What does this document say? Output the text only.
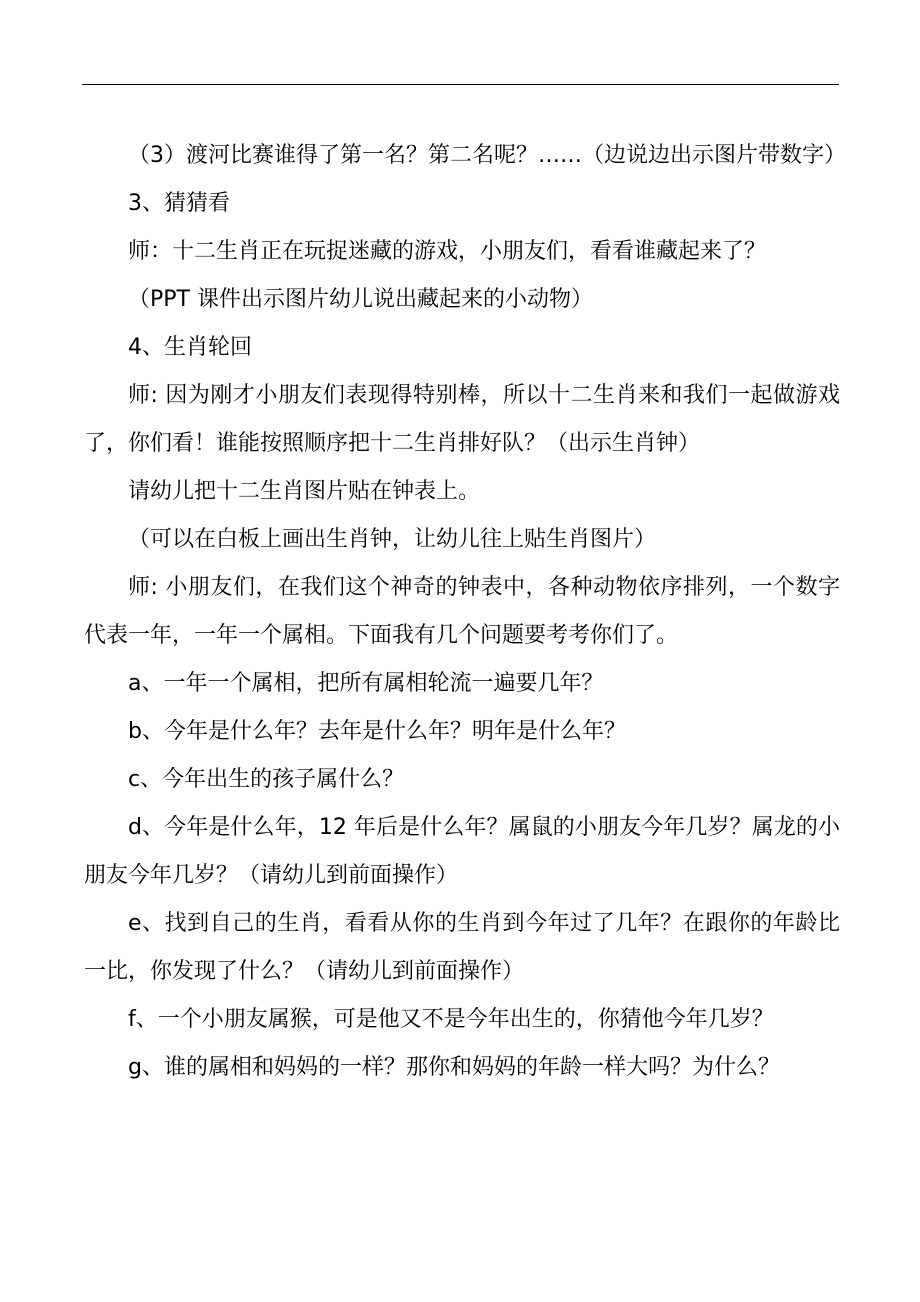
（3）渡河比赛谁得了第一名？第二名呢？……（边说边出示图片带数字）

3、猜猜看

师：十二生肖正在玩捉迷藏的游戏，小朋友们，看看谁藏起来了？

（PPT 课件出示图片幼儿说出藏起来的小动物）

4、生肖轮回

师: 因为刚才小朋友们表现得特别棒，所以十二生肖来和我们一起做游戏了，你们看！谁能按照顺序把十二生肖排好队？（出示生肖钟）

请幼儿把十二生肖图片贴在钟表上。

（可以在白板上画出生肖钟，让幼儿往上贴生肖图片）

师: 小朋友们，在我们这个神奇的钟表中，各种动物依序排列，一个数字代表一年，一年一个属相。下面我有几个问题要考考你们了。

a、一年一个属相，把所有属相轮流一遍要几年？

b、今年是什么年？去年是什么年？明年是什么年？

c、今年出生的孩子属什么？

d、今年是什么年，12 年后是什么年？属鼠的小朋友今年几岁？属龙的小朋友今年几岁？（请幼儿到前面操作）

e、找到自己的生肖，看看从你的生肖到今年过了几年？在跟你的年龄比一比，你发现了什么？（请幼儿到前面操作）

f、一个小朋友属猴，可是他又不是今年出生的，你猜他今年几岁？

g、谁的属相和妈妈的一样？那你和妈妈的年龄一样大吗？为什么？
